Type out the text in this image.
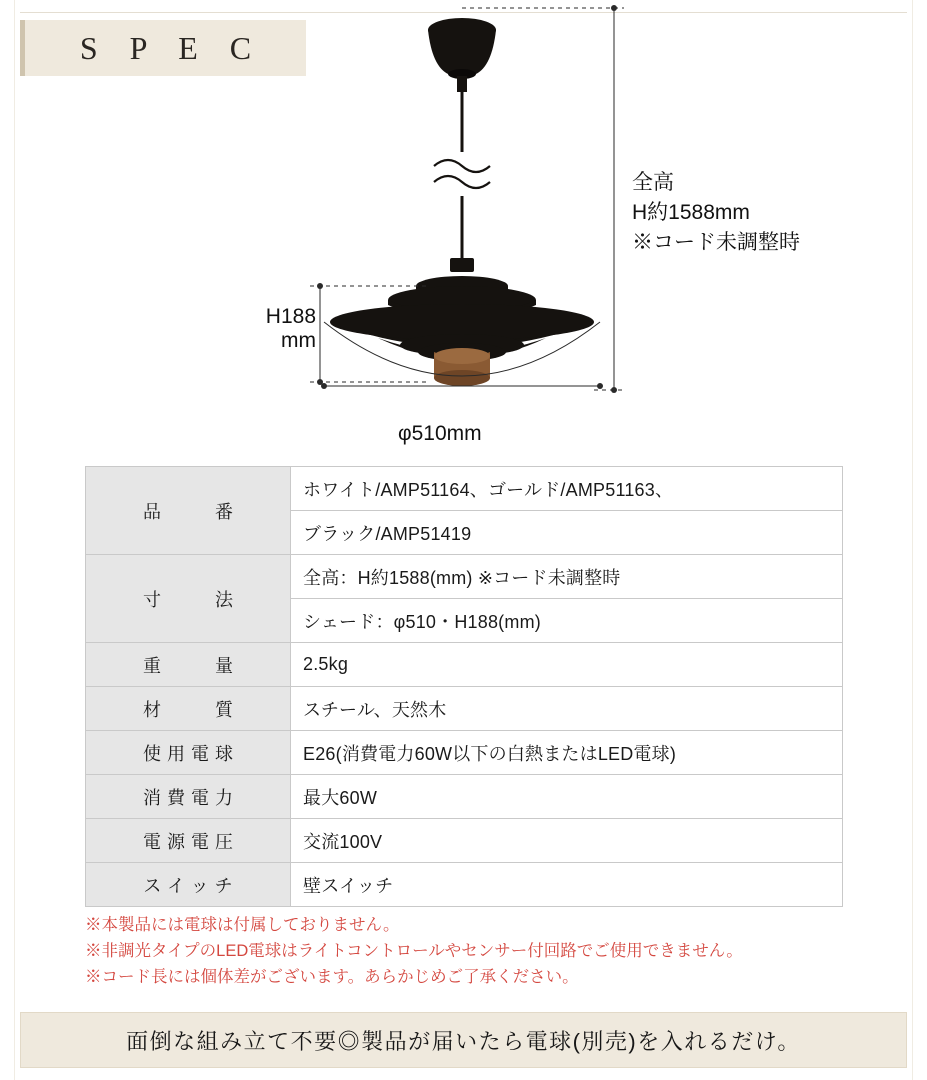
S P E C
全高
H約1588mm
※コード未調整時
H188
mm
φ510mm
品　　番	ホワイト/AMP51164、ゴールド/AMP51163、
	ブラック/AMP51419
寸　　法	全高：H約1588(mm) ※コード未調整時
	シェード：φ510・H188(mm)
重　　量	2.5kg
材　　質	スチール、天然木
使用電球	E26(消費電力60W以下の白熱またはLED電球)
消費電力	最大60W
電源電圧	交流100V
スイッチ	壁スイッチ
※本製品には電球は付属しておりません。
※非調光タイプのLED電球はライトコントロールやセンサー付回路でご使用できません。
※コード長には個体差がございます。あらかじめご了承ください。
面倒な組み立て不要◎製品が届いたら電球(別売)を入れるだけ。
